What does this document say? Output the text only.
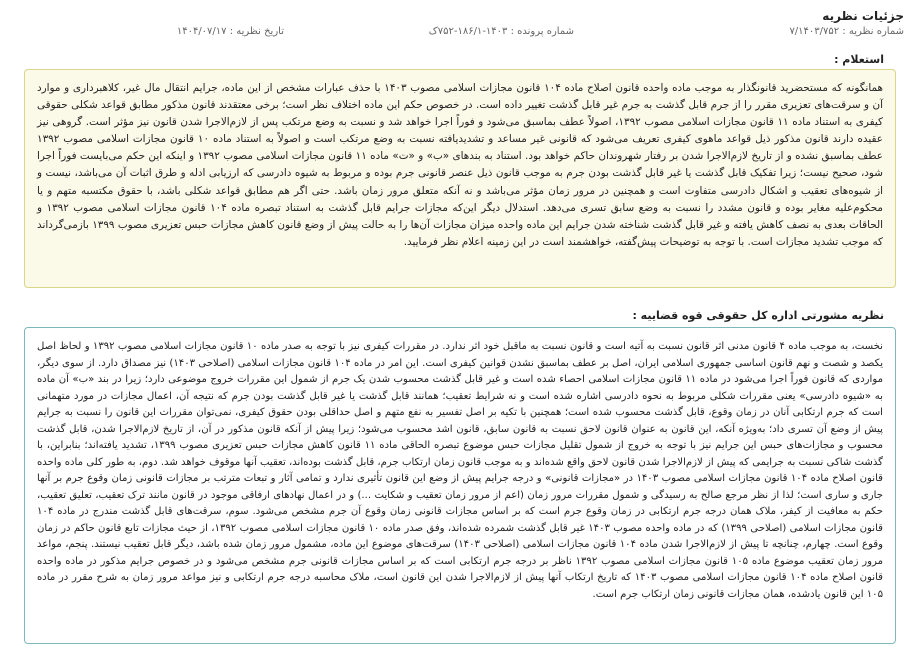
جزئیات نظریه
شماره نظریه : ۷/۱۴۰۳/۷۵۲
شماره پرونده : ۱۴۰۳-۱۸۶/۱-۷۵۲ک
تاریخ نظریه : ۱۴۰۴/۰۷/۱۷
استعلام :
همانگونه که مستحضرید قانونگذار به موجب ماده واحده قانون اصلاح ماده ۱۰۴ قانون مجازات اسلامی مصوب ۱۴۰۳ با حذف عبارات مشخص از این ماده، جرایم انتقال مال غیر، کلاهبرداری و موارد آن و سرقت‌های تعزیری مقرر را از جرم قابل گذشت به جرم غیر قابل گذشت تغییر داده است. در خصوص حکم این ماده اختلاف نظر است؛ برخی معتقدند قانون مذکور مطابق قواعد شکلی حقوقی کیفری به استناد ماده ۱۱ قانون مجازات اسلامی مصوب ۱۳۹۲، اصولاً عطف بماسبق می‌شود و فوراً اجرا خواهد شد و نسبت به وضع مرتکب پس از لازم‌الاجرا شدن قانون نیز مؤثر است. گروهی نیز عقیده دارند قانون مذکور ذیل قواعد ماهوی کیفری تعریف می‌شود که قانونی غیر مساعد و تشدیدیافته نسبت به وضع مرتکب است و اصولاً به استناد ماده ۱۰ قانون مجازات اسلامی مصوب ۱۳۹۲ عطف بماسبق نشده و از تاریخ لازم‌الاجرا شدن بر رفتار شهروندان حاکم خواهد بود. استناد به بندهای «ب» و «ت» ماده ۱۱ قانون مجازات اسلامی مصوب ۱۳۹۲ و اینکه این حکم می‌بایست فوراً اجرا شود، صحیح نیست؛ زیرا تفکیک قابل گذشت یا غیر قابل گذشت بودن جرم به موجب قانون ذیل عنصر قانونی جرم بوده و مربوط به شیوه دادرسی که ارزیابی ادله و طرق اثبات آن می‌باشد، نیست و از شیوه‌های تعقیب و اشکال دادرسی متفاوت است و همچنین در مرور زمان مؤثر می‌باشد و نه آنکه متعلق مرور زمان باشد. حتی اگر هم مطابق قواعد شکلی باشد، با حقوق مکتسبه متهم و یا محکوم‌علیه مغایر بوده و قانون مشدد را نسبت به وضع سابق تسری می‌دهد. استدلال دیگر این‌که مجازات جرایم قابل گذشت به استناد تبصره ماده ۱۰۴ قانون مجازات اسلامی مصوب ۱۳۹۲ و الحاقات بعدی به نصف کاهش یافته و غیر قابل گذشت شناخته شدن جرایم این ماده واحده میزان مجازات آن‌ها را به حالت پیش از وضع قانون کاهش مجازات حبس تعزیری مصوب ۱۳۹۹ بازمی‌گرداند که موجب تشدید مجازات است. با توجه به توضیحات پیش‌گفته، خواهشمند است در این زمینه اعلام نظر فرمایید.
نظریه مشورتی اداره کل حقوقی قوه قضاییه :
نخست، به موجب ماده ۴ قانون مدنی اثر قانون نسبت به آتیه است و قانون نسبت به ماقبل خود اثر ندارد. در مقررات کیفری نیز با توجه به صدر ماده ۱۰ قانون مجازات اسلامی مصوب ۱۳۹۲ و لحاظ اصل یکصد و شصت و نهم قانون اساسی جمهوری اسلامی ایران، اصل بر عطف بماسبق نشدن قوانین کیفری است. این امر در ماده ۱۰۴ قانون مجازات اسلامی (اصلاحی ۱۴۰۳) نیز مصداق دارد. از سوی دیگر، مواردی که قانون فوراً اجرا می‌شود در ماده ۱۱ قانون مجازات اسلامی احصاء شده است و غیر قابل گذشت محسوب شدن یک جرم از شمول این مقررات خروج موضوعی دارد؛ زیرا در بند «ب» آن ماده به «شیوه دادرسی» یعنی مقررات شکلی مربوط به نحوه دادرسی اشاره شده است و نه شرایط تعقیب؛ همانند قابل گذشت یا غیر قابل گذشت بودن جرم که نتیجه آن، اعمال مجازات در مورد متهمانی است که جرم ارتکابی آنان در زمان وقوع، قابل گذشت محسوب شده است؛ همچنین با تکیه بر اصل تفسیر به نفع متهم و اصل حداقلی بودن حقوق کیفری، نمی‌توان مقررات این قانون را نسبت به جرایم پیش از وضع آن تسری داد؛ به‌ویژه آنکه، این قانون به عنوان قانون لاحق نسبت به قانون سابق، قانون اشد محسوب می‌شود؛ زیرا پیش از آنکه قانون مذکور در آن، از تاریخ لازم‌الاجرا شدن، قابل گذشت محسوب و مجازات‌های حبس این جرایم نیز با توجه به خروج از شمول تقلیل مجازات حبس موضوع تبصره الحاقی ماده ۱۱ قانون کاهش مجازات حبس تعزیری مصوب ۱۳۹۹، تشدید یافته‌اند؛ بنابراین، با گذشت شاکی نسبت به جرایمی که پیش از لازم‌الاجرا شدن قانون لاحق واقع شده‌اند و به موجب قانون زمان ارتکاب جرم، قابل گذشت بوده‌اند، تعقیب آنها موقوف خواهد شد. دوم، به طور کلی ماده واحده قانون اصلاح ماده ۱۰۴ قانون مجازات اسلامی مصوب ۱۴۰۳ در «مجازات قانونی» و درجه جرایم پیش از وضع این قانون تأثیری ندارد و تمامی آثار و تبعات مترتب بر مجازات قانونی زمان وقوع جرم بر آنها جاری و ساری است؛ لذا از نظر مرجع صالح به رسیدگی و شمول مقررات مرور زمان (اعم از مرور زمان تعقیب و شکایت ...) و در اعمال نهادهای ارفاقی موجود در قانون مانند ترک تعقیب، تعلیق تعقیب، حکم به معافیت از کیفر، ملاک همان درجه جرم ارتکابی در زمان وقوع جرم است که بر اساس مجازات قانونی زمان وقوع آن جرم مشخص می‌شود. سوم، سرقت‌های قابل گذشت مندرج در ماده ۱۰۴ قانون مجازات اسلامی (اصلاحی ۱۳۹۹) که در ماده واحده مصوب ۱۴۰۳ غیر قابل گذشت شمرده شده‌اند، وفق صدر ماده ۱۰ قانون مجازات اسلامی مصوب ۱۳۹۲، از حیث مجازات تابع قانون حاکم در زمان وقوع است. چهارم، چنانچه تا پیش از لازم‌الاجرا شدن ماده ۱۰۴ قانون مجازات اسلامی (اصلاحی ۱۴۰۳) سرقت‌های موضوع این ماده، مشمول مرور زمان شده باشد، دیگر قابل تعقیب نیستند. پنجم، مواعد مرور زمان تعقیب موضوع ماده ۱۰۵ قانون مجازات اسلامی مصوب ۱۳۹۲ ناظر بر درجه جرم ارتکابی است که بر اساس مجازات قانونی جرم مشخص می‌شود و در خصوص جرایم مذکور در ماده واحده قانون اصلاح ماده ۱۰۴ قانون مجازات اسلامی مصوب ۱۴۰۳ که تاریخ ارتکاب آنها پیش از لازم‌الاجرا شدن این قانون است، ملاک محاسبه درجه جرم ارتکابی و نیز مواعد مرور زمان به شرح مقرر در ماده ۱۰۵ این قانون یادشده، همان مجازات قانونی زمان ارتکاب جرم است.
